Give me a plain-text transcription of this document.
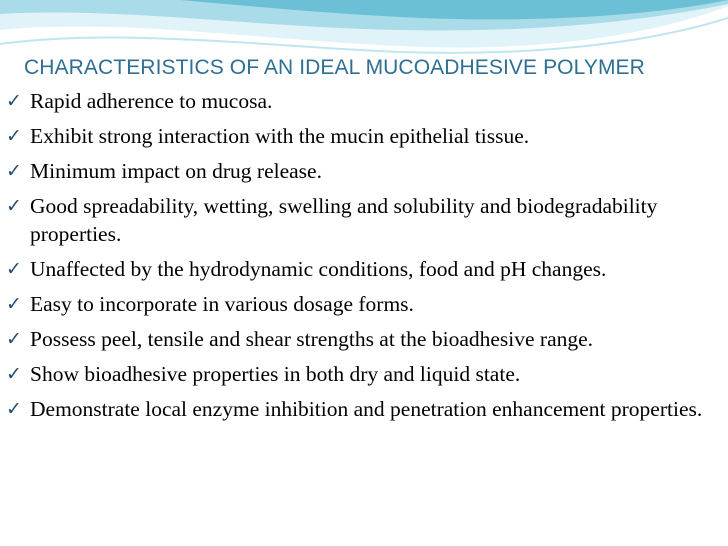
CHARACTERISTICS OF AN IDEAL MUCOADHESIVE POLYMER
✓ Rapid adherence to mucosa.
✓ Exhibit strong interaction with the mucin epithelial tissue.
✓ Minimum impact on drug release.
✓ Good spreadability, wetting, swelling and solubility and biodegradability properties.
✓ Unaffected by the hydrodynamic conditions, food and pH changes.
✓ Easy to incorporate in various dosage forms.
✓ Possess peel, tensile and shear strengths at the bioadhesive range.
✓ Show bioadhesive properties in both dry and liquid state.
✓ Demonstrate local enzyme inhibition and penetration enhancement properties.
